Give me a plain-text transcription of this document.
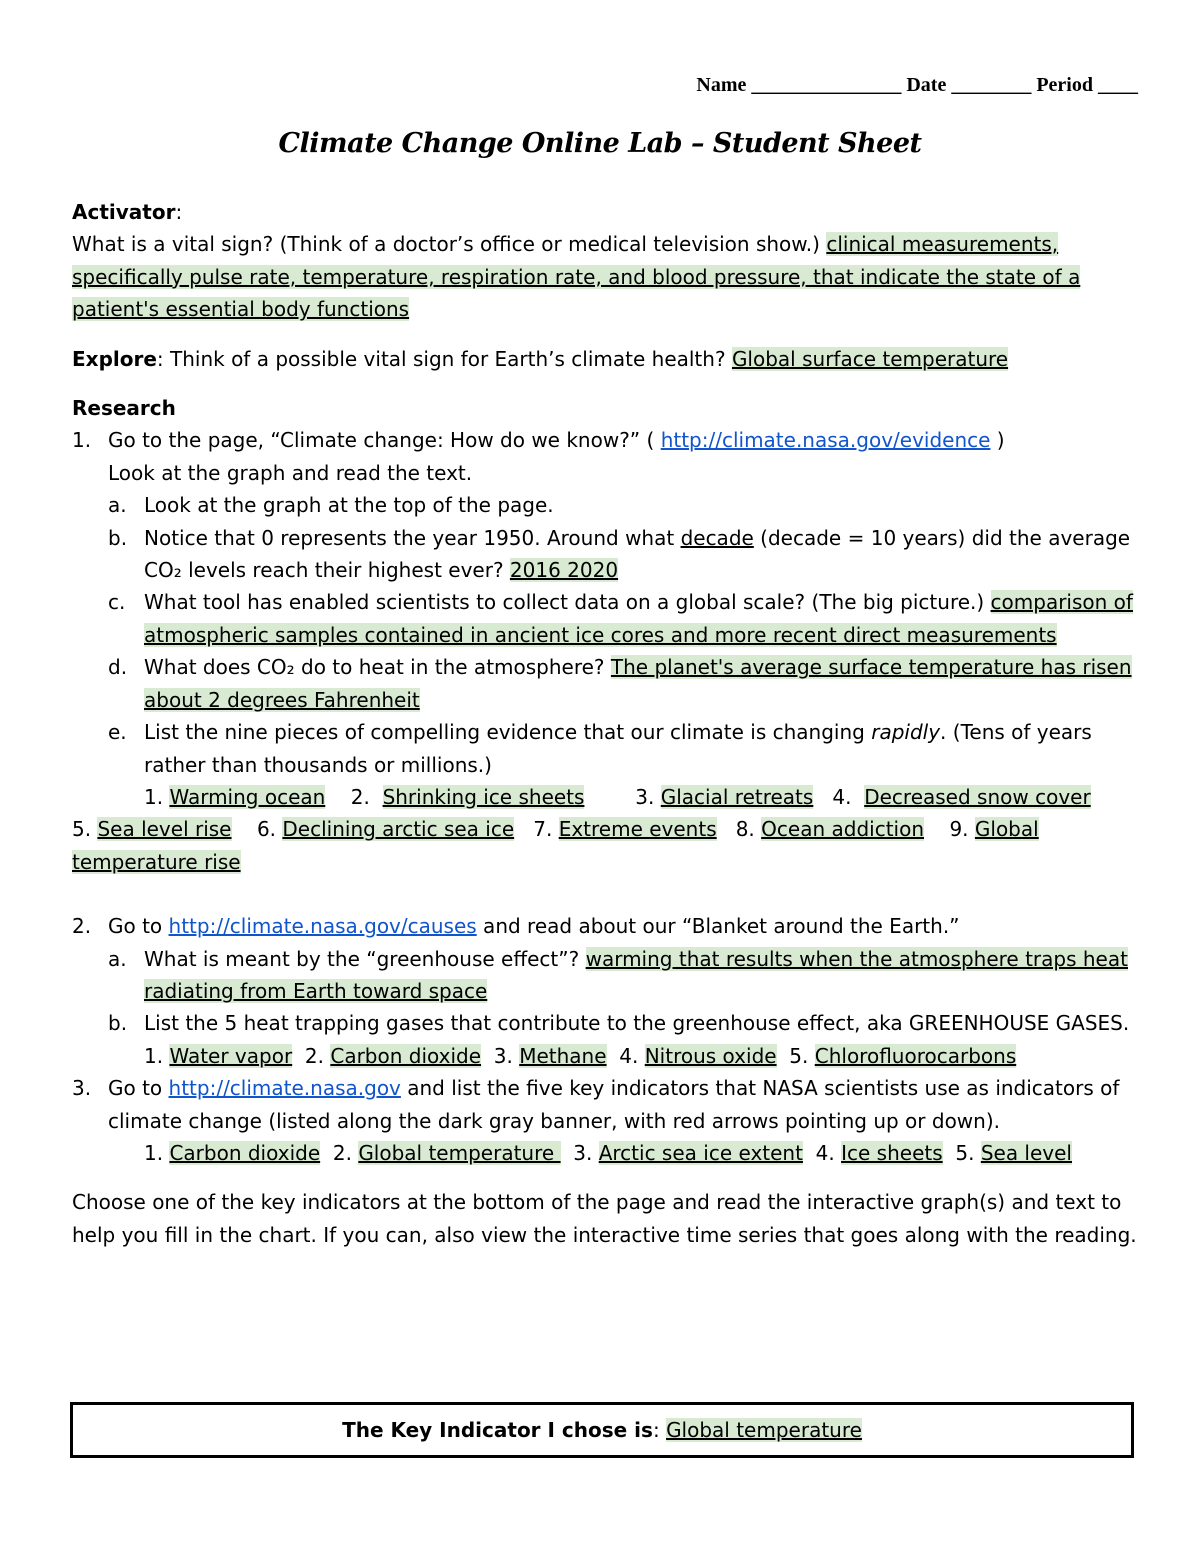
Name _______________ Date ________ Period ____
Climate Change Online Lab – Student Sheet

Activator:

What is a vital sign? (Think of a doctor’s office or medical television show.) clinical measurements, specifically pulse rate, temperature, respiration rate, and blood pressure, that indicate the state of a patient's essential body functions

Explore: Think of a possible vital sign for Earth’s climate health? Global surface temperature

Research

1. Go to the page, “Climate change: How do we know?” ( http://climate.nasa.gov/evidence )

Look at the graph and read the text.

a. Look at the graph at the top of the page.

b. Notice that 0 represents the year 1950. Around what decade (decade = 10 years) did the average CO₂ levels reach their highest ever? 2016 2020

c. What tool has enabled scientists to collect data on a global scale? (The big picture.) comparison of atmospheric samples contained in ancient ice cores and more recent direct measurements

d. What does CO₂ do to heat in the atmosphere? The planet's average surface temperature has risen about 2 degrees Fahrenheit

e. List the nine pieces of compelling evidence that our climate is changing rapidly. (Tens of years rather than thousands or millions.)

1. Warming ocean 2. Shrinking ice sheets	3. Glacial retreats 4. Decreased snow cover

5. Sea level rise 6. Declining arctic sea ice 7. Extreme events 8. Ocean addiction 9. Global temperature rise

2. Go to http://climate.nasa.gov/causes and read about our “Blanket around the Earth.”

a. What is meant by the “greenhouse effect”? warming that results when the atmosphere traps heat radiating from Earth toward space

b. List the 5 heat trapping gases that contribute to the greenhouse effect, aka GREENHOUSE GASES.

1. Water vapor 2. Carbon dioxide 3. Methane 4. Nitrous oxide 5. Chlorofluorocarbons

3. Go to http://climate.nasa.gov and list the five key indicators that NASA scientists use as indicators of climate change (listed along the dark gray banner, with red arrows pointing up or down).

1. Carbon dioxide 2. Global temperature   3. Arctic sea ice extent 4. Ice sheets 5. Sea level

Choose one of the key indicators at the bottom of the page and read the interactive graph(s) and text to help you fill in the chart. If you can, also view the interactive time series that goes along with the reading.

The Key Indicator I chose is: Global temperature
